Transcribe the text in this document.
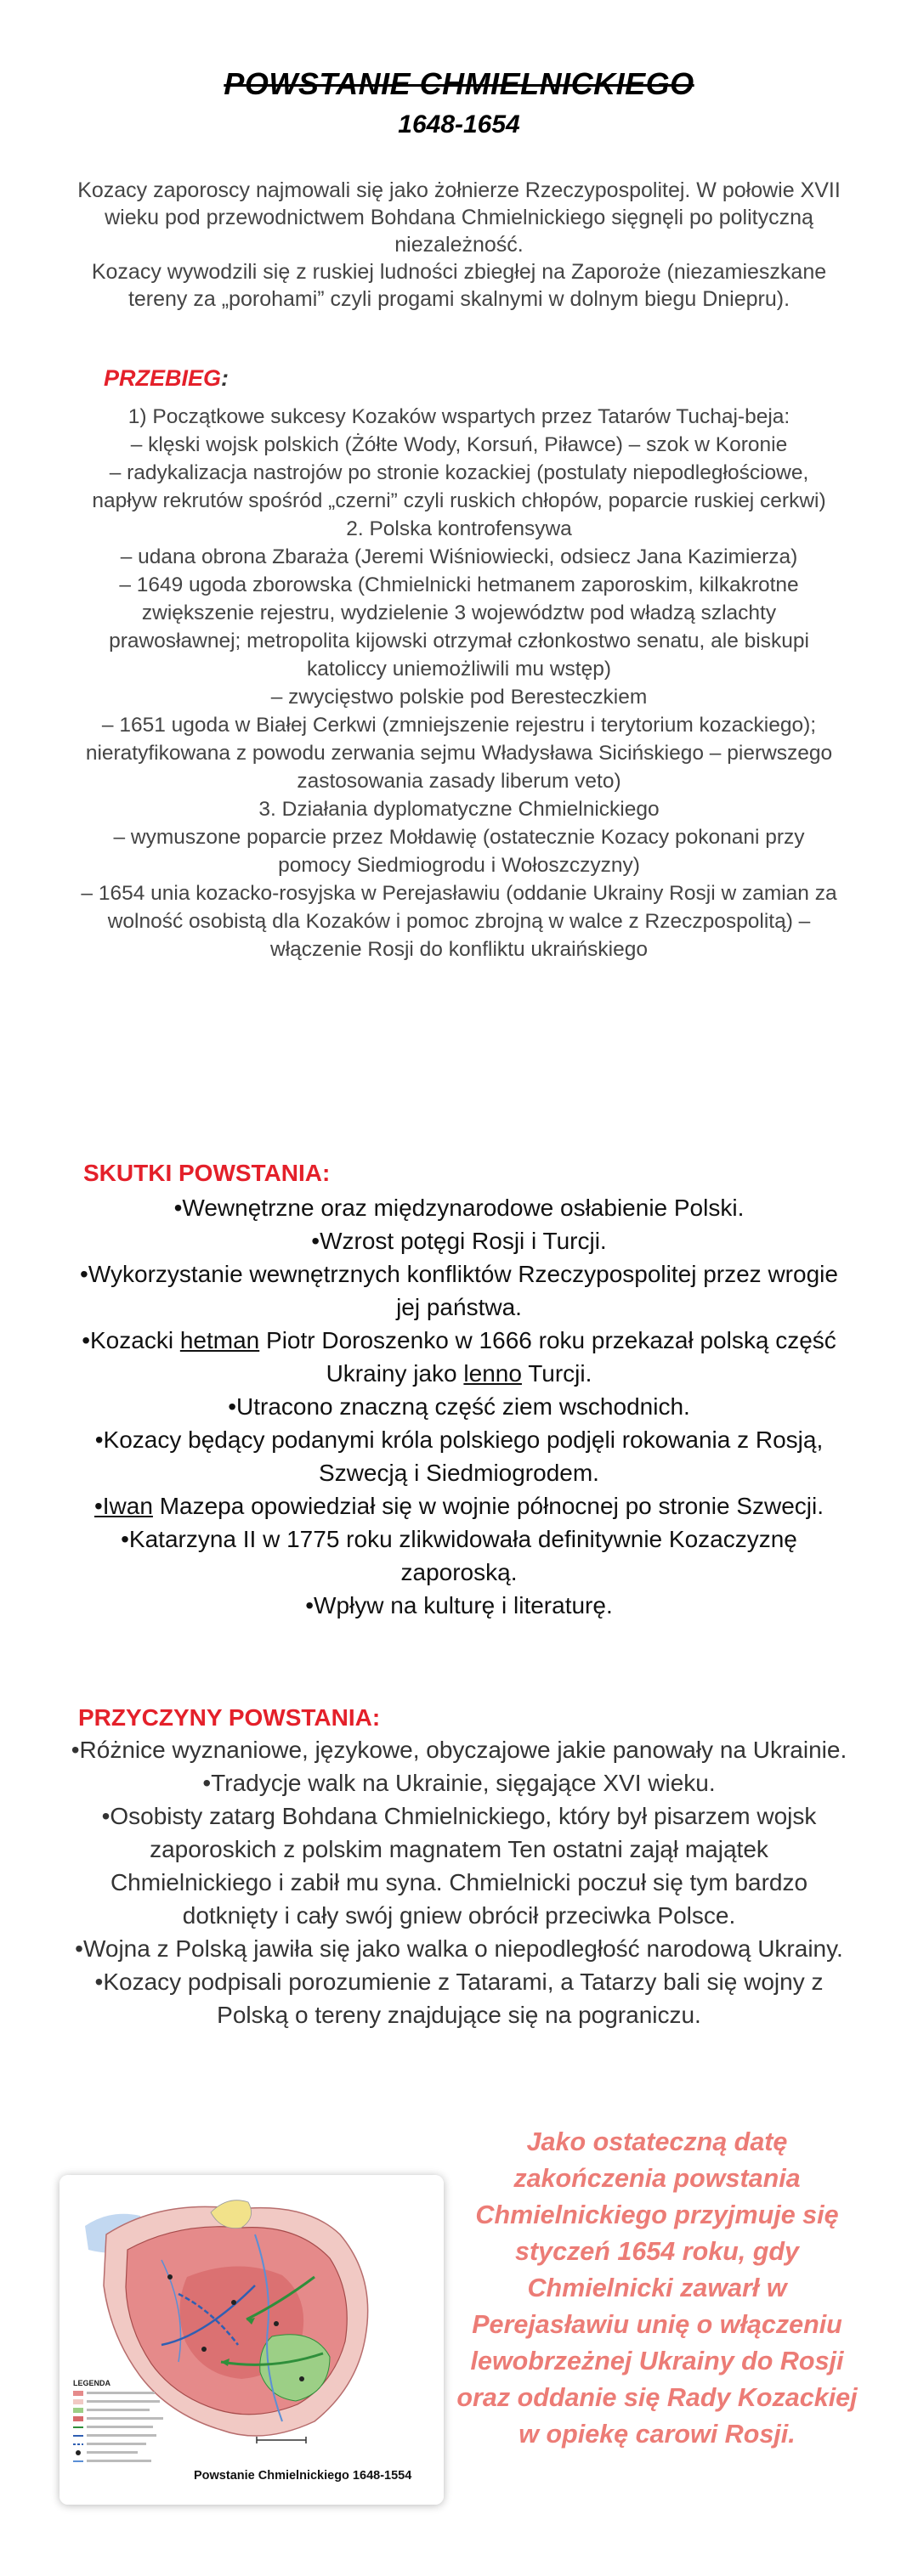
POWSTANIE CHMIELNICKIEGO
1648-1654

Kozacy zaporoscy najmowali się jako żołnierze Rzeczypospolitej. W połowie XVII wieku pod przewodnictwem Bohdana Chmielnickiego sięgnęli po polityczną niezależność.

Kozacy wywodzili się z ruskiej ludności zbiegłej na Zaporoże (niezamieszkane tereny za „porohami” czyli progami skalnymi w dolnym biegu Dniepru).

PRZEBIEG:

1) Początkowe sukcesy Kozaków wspartych przez Tatarów Tuchaj-beja:

– klęski wojsk polskich (Żółte Wody, Korsuń, Piławce) – szok w Koronie

– radykalizacja nastrojów po stronie kozackiej (postulaty niepodległościowe, napływ rekrutów spośród „czerni” czyli ruskich chłopów, poparcie ruskiej cerkwi)

2. Polska kontrofensywa

– udana obrona Zbaraża (Jeremi Wiśniowiecki, odsiecz Jana Kazimierza)

– 1649 ugoda zborowska (Chmielnicki hetmanem zaporoskim, kilkakrotne zwiększenie rejestru, wydzielenie 3 województw pod władzą szlachty prawosławnej; metropolita kijowski otrzymał członkostwo senatu, ale biskupi katoliccy uniemożliwili mu wstęp)

– zwycięstwo polskie pod Beresteczkiem

– 1651 ugoda w Białej Cerkwi (zmniejszenie rejestru i terytorium kozackiego); nieratyfikowana z powodu zerwania sejmu Władysława Sicińskiego – pierwszego zastosowania zasady liberum veto)

3. Działania dyplomatyczne Chmielnickiego

– wymuszone poparcie przez Mołdawię (ostatecznie Kozacy pokonani przy pomocy Siedmiogrodu i Wołoszczyzny)

– 1654 unia kozacko-rosyjska w Perejasławiu (oddanie Ukrainy Rosji w zamian za wolność osobistą dla Kozaków i pomoc zbrojną w walce z Rzeczpospolitą) – włączenie Rosji do konfliktu ukraińskiego

SKUTKI POWSTANIA:

•Wewnętrzne oraz międzynarodowe osłabienie Polski.

•Wzrost potęgi Rosji i Turcji.

•Wykorzystanie wewnętrznych konfliktów Rzeczypospolitej przez wrogie jej państwa.

•Kozacki hetman Piotr Doroszenko w 1666 roku przekazał polską część Ukrainy jako lenno Turcji.

•Utracono znaczną część ziem wschodnich.

•Kozacy będący podanymi króla polskiego podjęli rokowania z Rosją, Szwecją i Siedmiogrodem.

•Iwan Mazepa opowiedział się w wojnie północnej po stronie Szwecji.

•Katarzyna II w 1775 roku zlikwidowała definitywnie Kozaczyznę zaporoską.

•Wpływ na kulturę i literaturę.

PRZYCZYNY POWSTANIA:

•Różnice wyznaniowe, językowe, obyczajowe jakie panowały na Ukrainie.

•Tradycje walk na Ukrainie, sięgające XVI wieku.

•Osobisty zatarg Bohdana Chmielnickiego, który był pisarzem wojsk zaporoskich z polskim magnatem Ten ostatni zajął majątek Chmielnickiego i zabił mu syna. Chmielnicki poczuł się tym bardzo dotknięty i cały swój gniew obrócił przeciwka Polsce.

•Wojna z Polską jawiła się jako walka o niepodległość narodową Ukrainy.

•Kozacy podpisali porozumienie z Tatarami, a Tatarzy bali się wojny z Polską o tereny znajdujące się na pograniczu.

LEGENDA
Powstanie Chmielnickiego 1648-1554
Jako ostateczną datę zakończenia powstania Chmielnickiego przyjmuje się styczeń 1654 roku, gdy Chmielnicki zawarł w Perejasławiu unię o włączeniu lewobrzeżnej Ukrainy do Rosji oraz oddanie się Rady Kozackiej w opiekę carowi Rosji.
